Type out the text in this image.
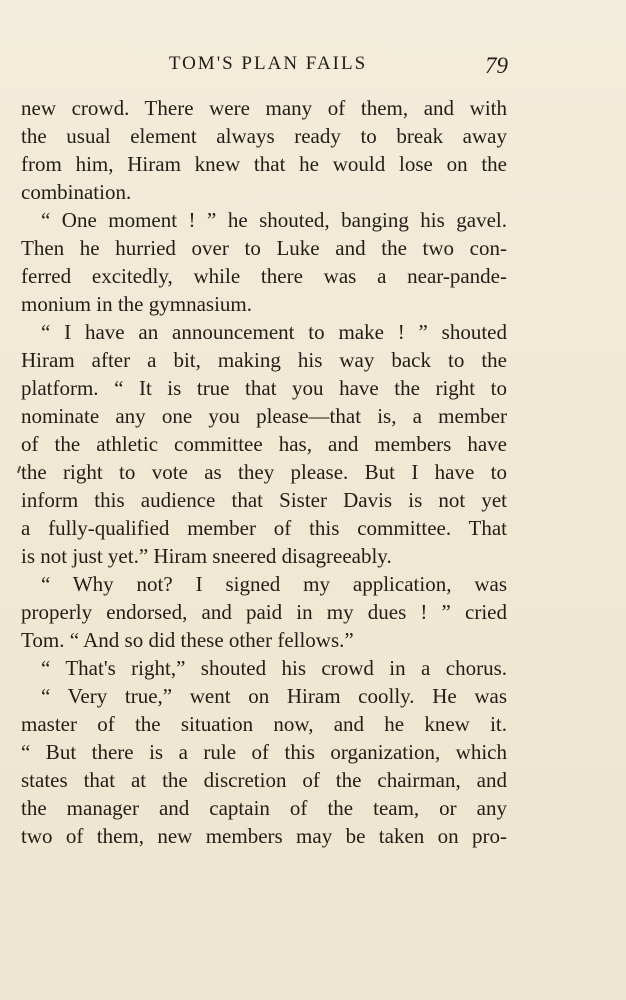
TOM'S PLAN FAILS	79
new crowd. There were many of them, and with
the usual element always ready to break away
from him, Hiram knew that he would lose on the
combination.
“ One moment ! ” he shouted, banging his gavel.
Then he hurried over to Luke and the two con-
ferred excitedly, while there was a near-pande-
monium in the gymnasium.
“ I have an announcement to make ! ” shouted
Hiram after a bit, making his way back to the
platform. “ It is true that you have the right to
nominate any one you please—that is, a member
of the athletic committee has, and members have
the right to vote as they please. But I have to
inform this audience that Sister Davis is not yet
a fully-qualified member of this committee. That
is not just yet.” Hiram sneered disagreeably.
“ Why not? I signed my application, was
properly endorsed, and paid in my dues ! ” cried
Tom. “ And so did these other fellows.”
“ That's right,” shouted his crowd in a chorus.
“ Very true,” went on Hiram coolly. He was
master of the situation now, and he knew it.
“ But there is a rule of this organization, which
states that at the discretion of the chairman, and
the manager and captain of the team, or any
two of them, new members may be taken on pro-
